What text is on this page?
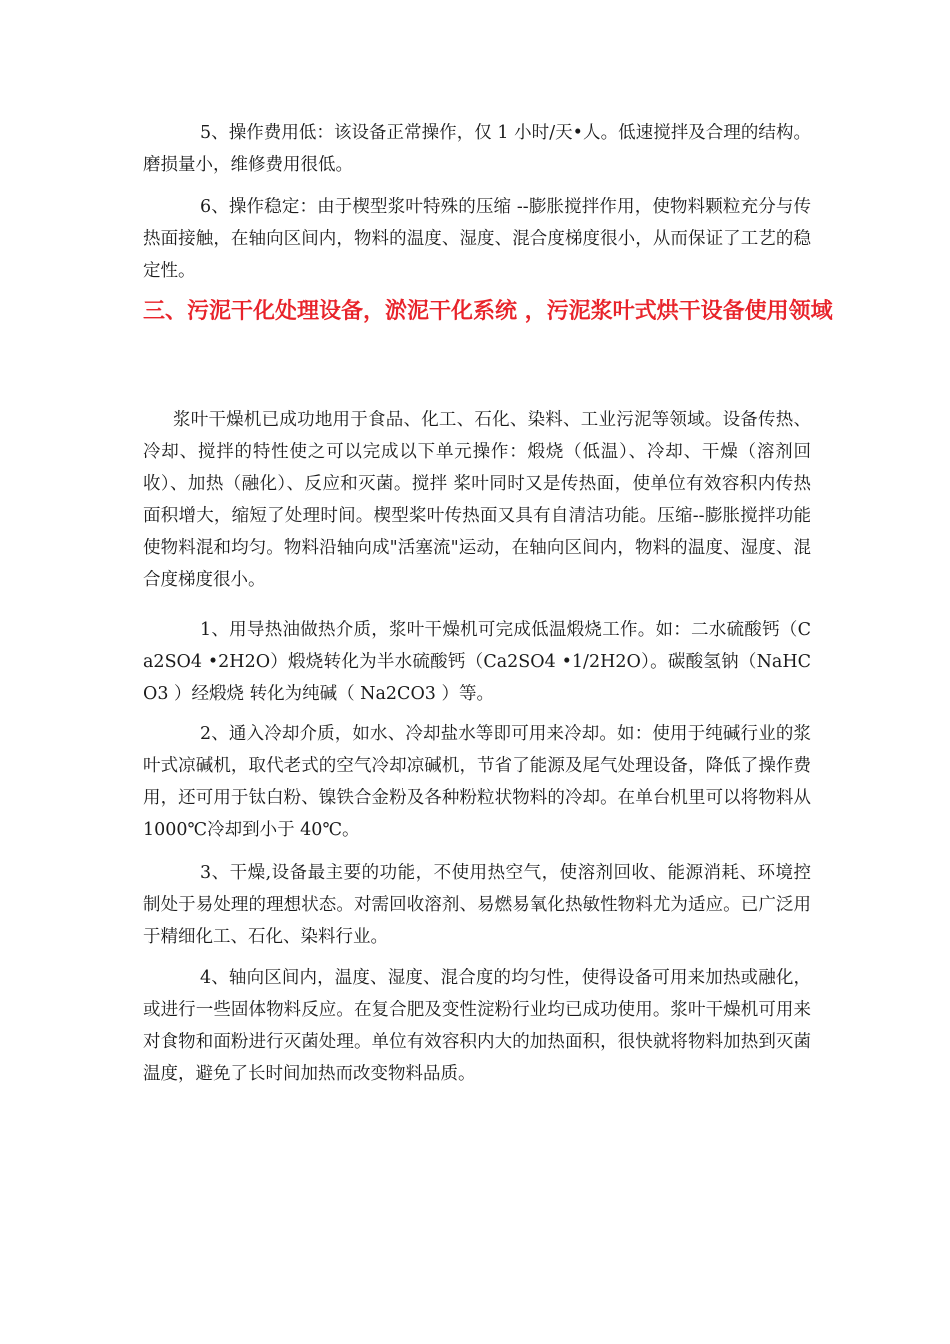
5、操作费用低：该设备正常操作，仅 1 小时/天•人。低速搅拌及合理的结构。磨损量小，维修费用很低。

6、操作稳定：由于楔型浆叶特殊的压缩 --膨胀搅拌作用，使物料颗粒充分与传热面接触，在轴向区间内，物料的温度、湿度、混合度梯度很小，从而保证了工艺的稳定性。

三、污泥干化处理设备，淤泥干化系统 ，污泥浆叶式烘干设备使用领域

浆叶干燥机已成功地用于食品、化工、石化、染料、工业污泥等领域。设备传热、冷却、搅拌的特性使之可以完成以下单元操作：煅烧（低温）、冷却、干燥（溶剂回收）、加热（融化）、反应和灭菌。搅拌 桨叶同时又是传热面，使单位有效容积内传热面积增大，缩短了处理时间。楔型桨叶传热面又具有自清洁功能。压缩--膨胀搅拌功能使物料混和均匀。物料沿轴向成"活塞流"运动，在轴向区间内，物料的温度、湿度、混合度梯度很小。

1、用导热油做热介质，浆叶干燥机可完成低温煅烧工作。如：二水硫酸钙（Ca2SO4 •2H2O）煅烧转化为半水硫酸钙（Ca2SO4 •1/2H2O）。碳酸氢钠（NaHCO3 ）经煅烧 转化为纯碱（ Na2CO3 ）等。

2、通入冷却介质，如水、冷却盐水等即可用来冷却。如：使用于纯碱行业的浆叶式凉碱机，取代老式的空气冷却凉碱机，节省了能源及尾气处理设备，降低了操作费用，还可用于钛白粉、镍铁合金粉及各种粉粒状物料的冷却。在单台机里可以将物料从 1000℃冷却到小于 40℃。

3、干燥,设备最主要的功能，不使用热空气，使溶剂回收、能源消耗、环境控制处于易处理的理想状态。对需回收溶剂、易燃易氧化热敏性物料尤为适应。已广泛用于精细化工、石化、染料行业。

4、轴向区间内，温度、湿度、混合度的均匀性，使得设备可用来加热或融化，或进行一些固体物料反应。在复合肥及变性淀粉行业均已成功使用。浆叶干燥机可用来对食物和面粉进行灭菌处理。单位有效容积内大的加热面积，很快就将物料加热到灭菌温度，避免了长时间加热而改变物料品质。
